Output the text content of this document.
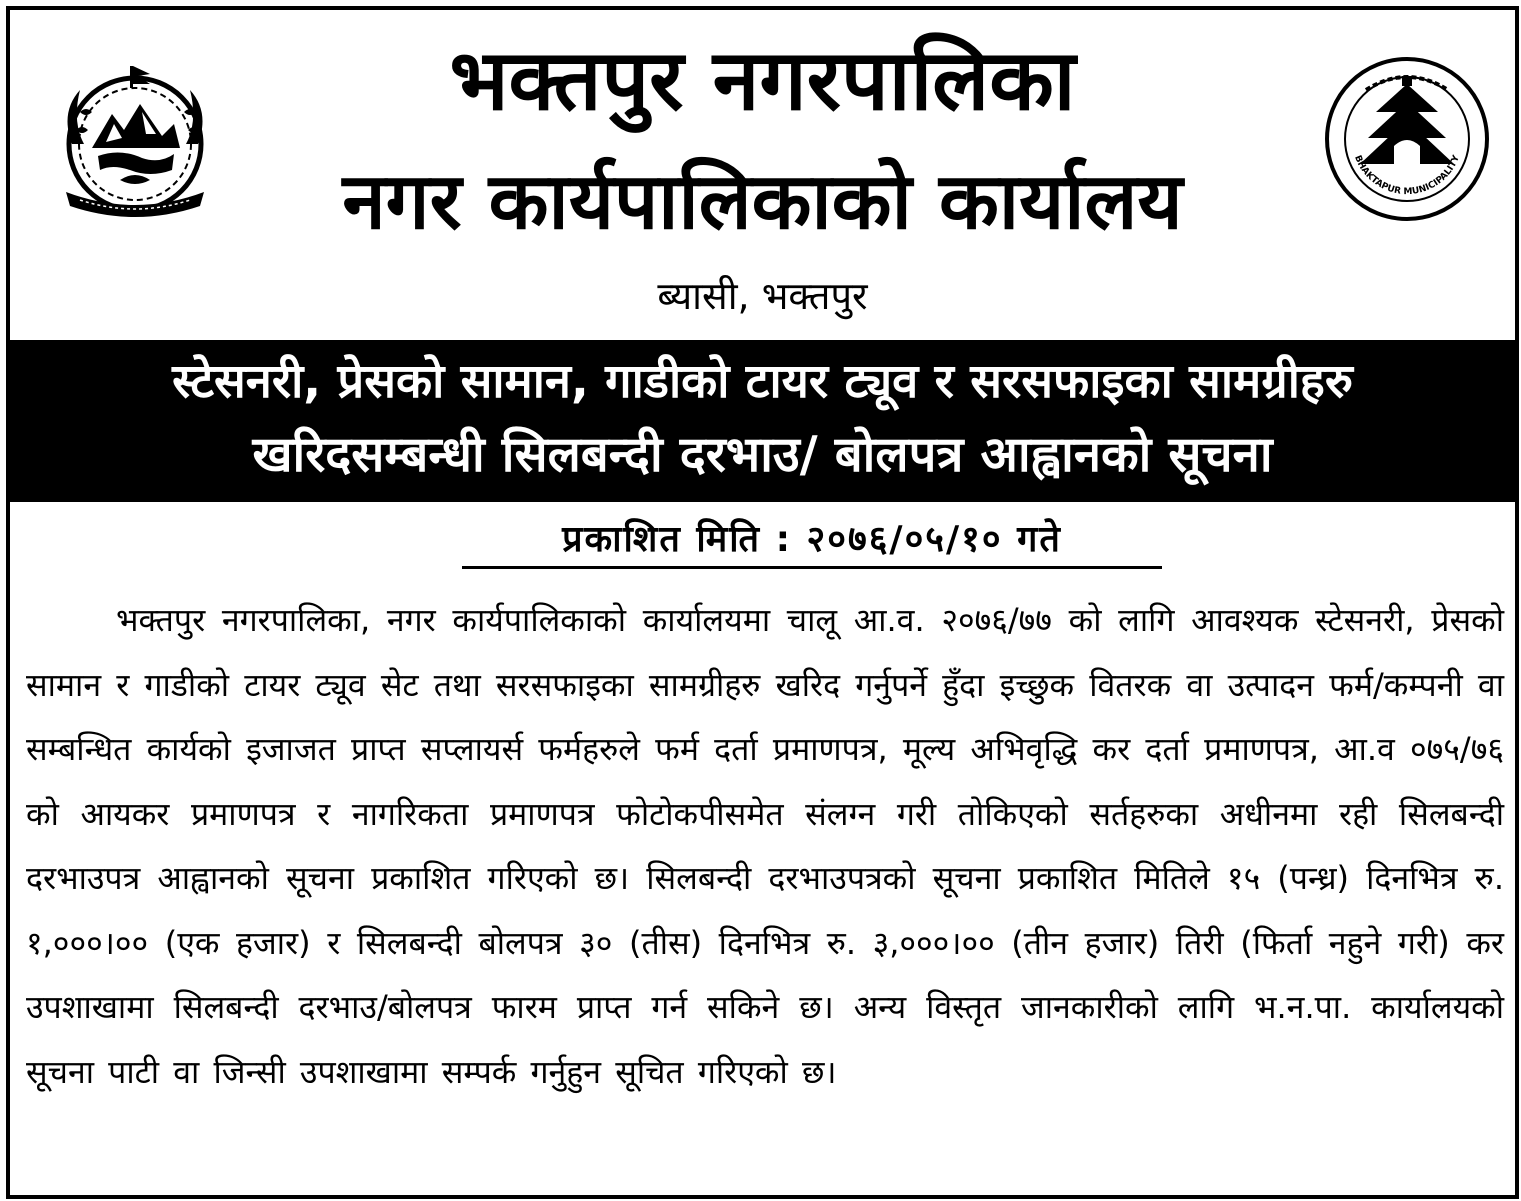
भक्तपुर नगरपालिका
नगर कार्यपालिकाको कार्यालय
ब्यासी, भक्तपुर
BHAKTAPUR MUNICIPALITY
स्टेसनरी, प्रेसको सामान, गाडीको टायर ट्यूव र सरसफाइका सामग्रीहरु
खरिदसम्बन्धी सिलबन्दी दरभाउ/ बोलपत्र आह्वानको सूचना
प्रकाशित मिति : २०७६/०५/१० गते
भक्तपुर नगरपालिका, नगर कार्यपालिकाको कार्यालयमा चालू आ.व. २०७६/७७ को लागि आवश्यक स्टेसनरी, प्रेसको सामान र गाडीको टायर ट्यूव सेट तथा सरसफाइका सामग्रीहरु खरिद गर्नुपर्ने हुँदा इच्छुक वितरक वा उत्पादन फर्म/कम्पनी वा सम्बन्धित कार्यको इजाजत प्राप्त सप्लायर्स फर्महरुले फर्म दर्ता प्रमाणपत्र, मूल्य अभिवृद्धि कर दर्ता प्रमाणपत्र, आ.व ०७५/७६ को आयकर प्रमाणपत्र र नागरिकता प्रमाणपत्र फोटोकपीसमेत संलग्न गरी तोकिएको सर्तहरुका अधीनमा रही सिलबन्दी दरभाउपत्र आह्वानको सूचना प्रकाशित गरिएको छ। सिलबन्दी दरभाउपत्रको सूचना प्रकाशित मितिले १५ (पन्ध्र) दिनभित्र रु. १,०००।०० (एक हजार) र सिलबन्दी बोलपत्र ३० (तीस) दिनभित्र रु. ३,०००।०० (तीन हजार) तिरी (फिर्ता नहुने गरी) कर उपशाखामा सिलबन्दी दरभाउ/बोलपत्र फारम प्राप्त गर्न सकिने छ। अन्य विस्तृत जानकारीको लागि भ.न.पा. कार्यालयको सूचना पाटी वा जिन्सी उपशाखामा सम्पर्क गर्नुहुन सूचित गरिएको छ।
